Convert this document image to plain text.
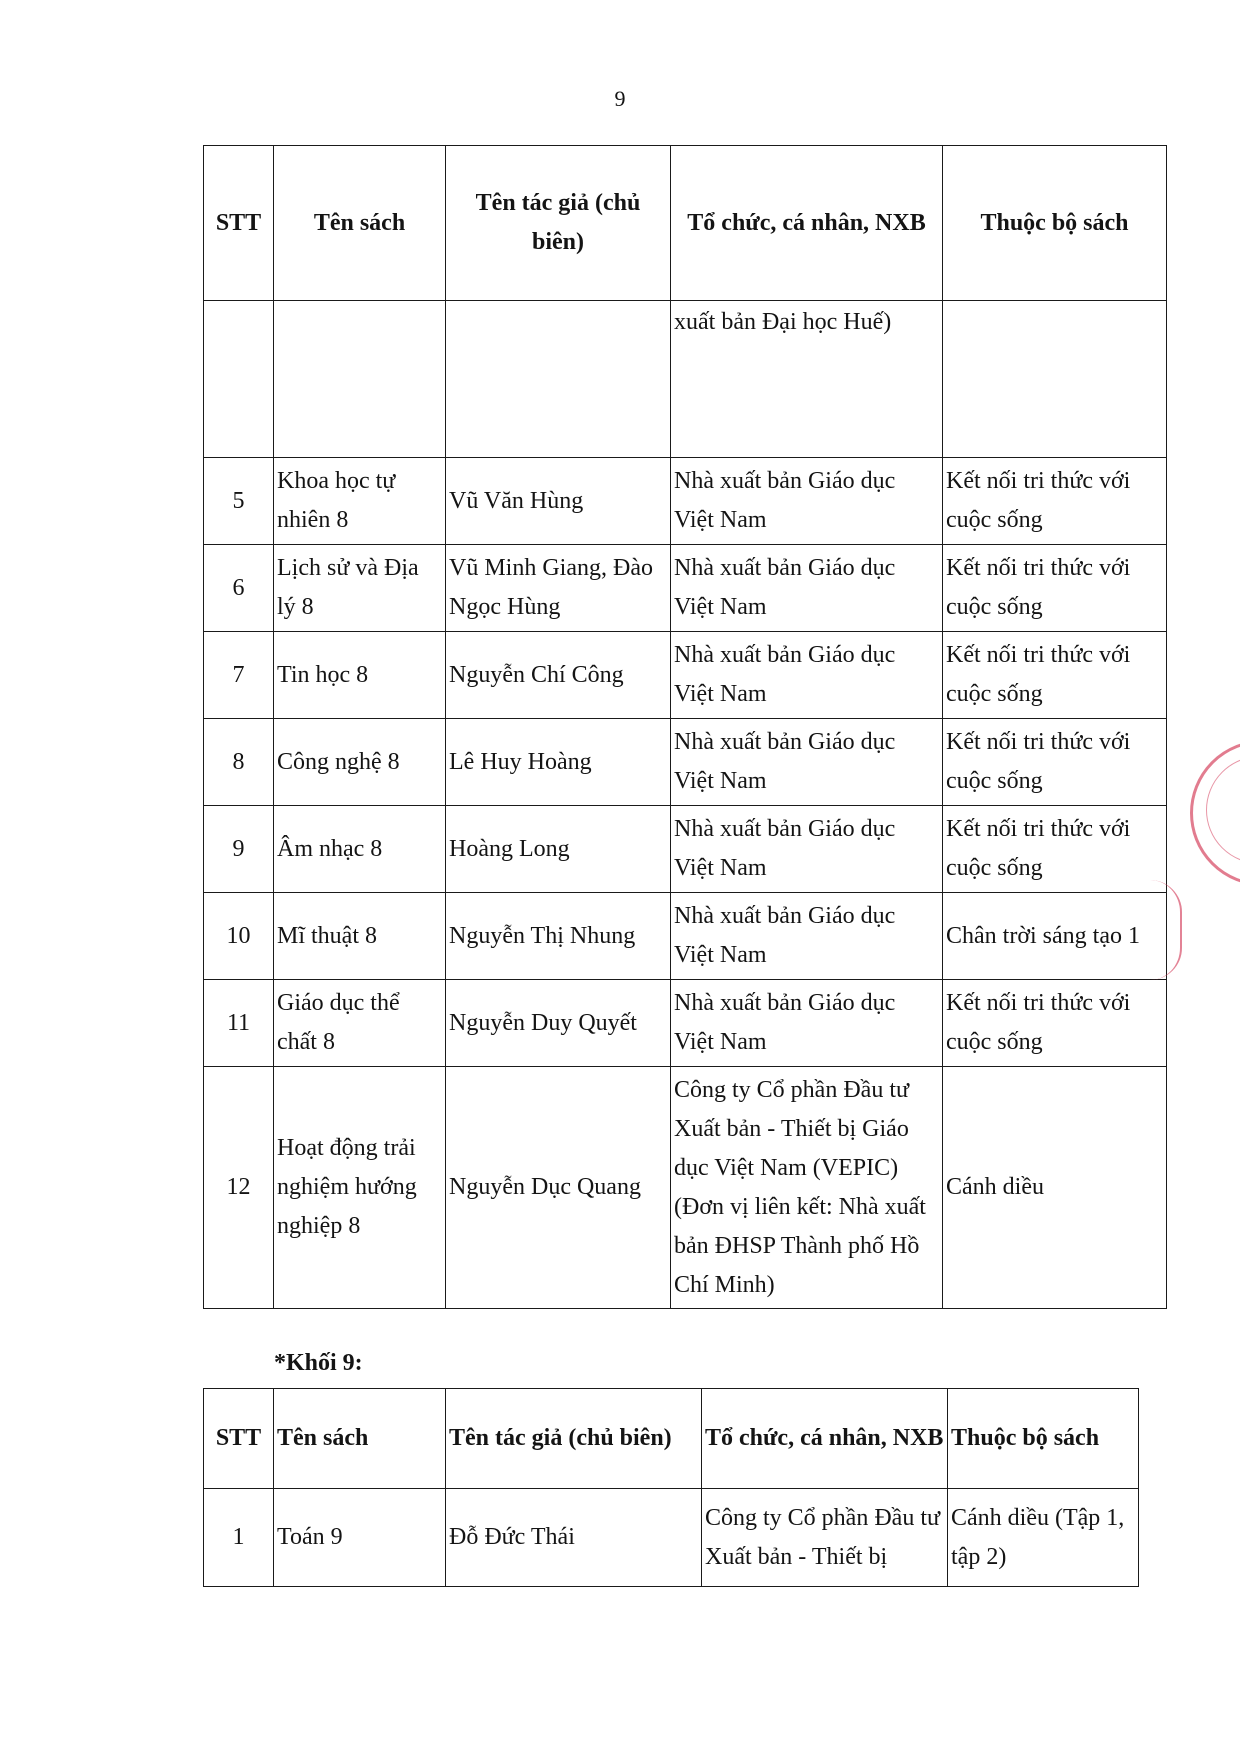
9
STT	Tên sách	Tên tác giả (chủ biên)	Tổ chức, cá nhân, NXB	Thuộc bộ sách
			xuất bản Đại học Huế)	
5	Khoa học tự nhiên 8	Vũ Văn Hùng	Nhà xuất bản Giáo dục Việt Nam	Kết nối tri thức với cuộc sống
6	Lịch sử và Địa lý 8	Vũ Minh Giang, Đào Ngọc Hùng	Nhà xuất bản Giáo dục Việt Nam	Kết nối tri thức với cuộc sống
7	Tin học 8	Nguyễn Chí Công	Nhà xuất bản Giáo dục Việt Nam	Kết nối tri thức với cuộc sống
8	Công nghệ 8	Lê Huy Hoàng	Nhà xuất bản Giáo dục Việt Nam	Kết nối tri thức với cuộc sống
9	Âm nhạc 8	Hoàng Long	Nhà xuất bản Giáo dục Việt Nam	Kết nối tri thức với cuộc sống
10	Mĩ thuật 8	Nguyễn Thị Nhung	Nhà xuất bản Giáo dục Việt Nam	Chân trời sáng tạo 1
11	Giáo dục thể chất 8	Nguyễn Duy Quyết	Nhà xuất bản Giáo dục Việt Nam	Kết nối tri thức với cuộc sống
12	Hoạt động trải nghiệm hướng nghiệp 8	Nguyễn Dục Quang	Công ty Cổ phần Đầu tư Xuất bản - Thiết bị Giáo dục Việt Nam (VEPIC) (Đơn vị liên kết: Nhà xuất bản ĐHSP Thành phố Hồ Chí Minh)	Cánh diều
*Khối 9:
STT	Tên sách	Tên tác giả (chủ biên)	Tổ chức, cá nhân, NXB	Thuộc bộ sách
1	Toán 9	Đỗ Đức Thái	Công ty Cổ phần Đầu tư Xuất bản - Thiết bị	Cánh diều (Tập 1, tập 2)
